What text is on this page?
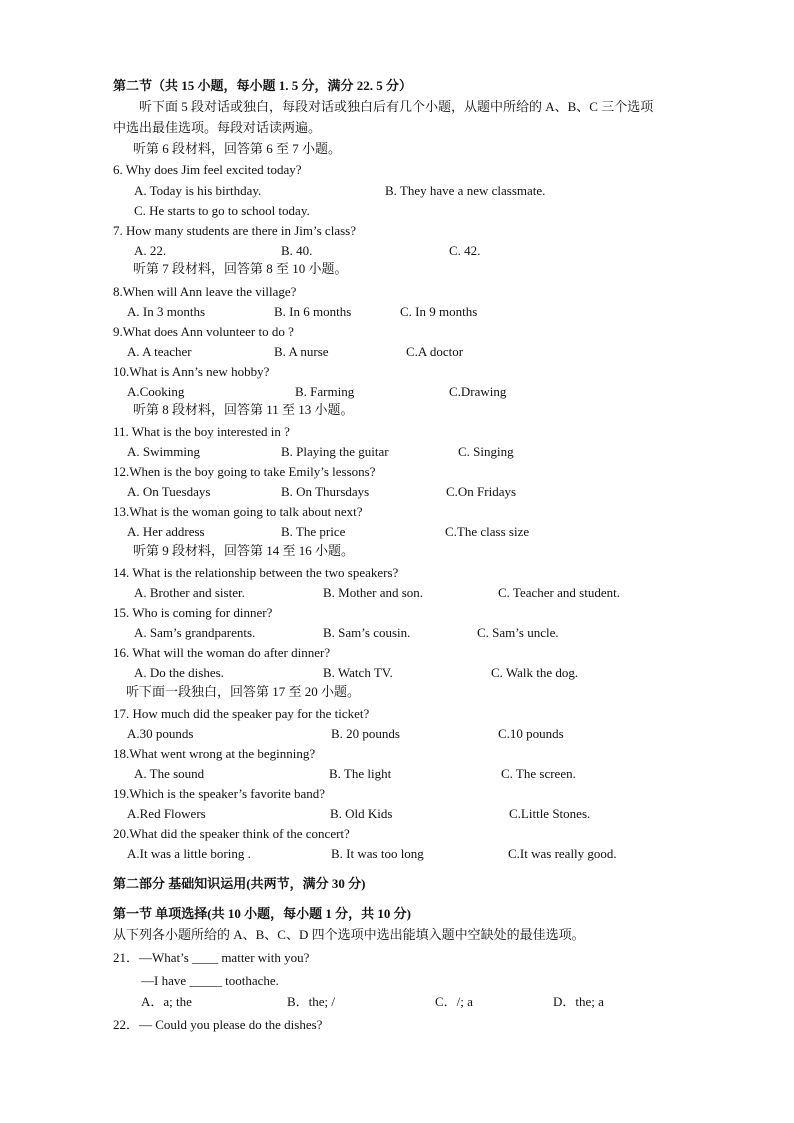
第二节（共 15 小题，每小题 1. 5 分，满分 22. 5 分）
听下面 5 段对话或独白，每段对话或独白后有几个小题，从题中所给的 A、B、C 三个选项
中选出最佳选项。每段对话读两遍。
听第 6 段材料，回答第 6 至 7 小题。
6. Why does Jim feel excited today?
A. Today is his birthday.	B. They have a new classmate.
C. He starts to go to school today.
7. How many students are there in Jim’s class?
A. 22.	B. 40.	C. 42.
听第 7 段材料，回答第 8 至 10 小题。
8.When will Ann leave the village?
A. In 3 months	B. In 6 months	C. In 9 months
9.What does Ann volunteer to do ?
A. A teacher	B. A nurse	C.A doctor
10.What is Ann’s new hobby?
A.Cooking	B. Farming	C.Drawing
听第 8 段材料，回答第 11 至 13 小题。
11. What is the boy interested in ?
A. Swimming	B. Playing the guitar	C. Singing
12.When is the boy going to take Emily’s lessons?
A. On Tuesdays	B. On Thursdays	C.On Fridays
13.What is the woman going to talk about next?
A. Her address	B. The price	C.The class size
听第 9 段材料，回答第 14 至 16 小题。
14. What is the relationship between the two speakers?
A. Brother and sister.	B. Mother and son.	C. Teacher and student.
15. Who is coming for dinner?
A. Sam’s grandparents.	B. Sam’s cousin.	C. Sam’s uncle.
16. What will the woman do after dinner?
A. Do the dishes.	B. Watch TV.	C. Walk the dog.
听下面一段独白，回答第 17 至 20 小题。
17. How much did the speaker pay for the ticket?
A.30 pounds	B. 20 pounds	C.10 pounds
18.What went wrong at the beginning?
A. The sound	B. The light	C. The screen.
19.Which is the speaker’s favorite band?
A.Red Flowers	B. Old Kids	C.Little Stones.
20.What did the speaker think of the concert?
A.It was a little boring .	B. It was too long	C.It was really good.
第二部分 基础知识运用(共两节，满分 30 分)
第一节 单项选择(共 10 小题，每小题 1 分，共 10 分)
从下列各小题所给的 A、B、C、D 四个选项中选出能填入题中空缺处的最佳选项。
21．—What’s ____ matter with you?
—I have _____ toothache.
A．a; the	B．the; /	C．/; a	D．the; a
22．— Could you please do the dishes?
